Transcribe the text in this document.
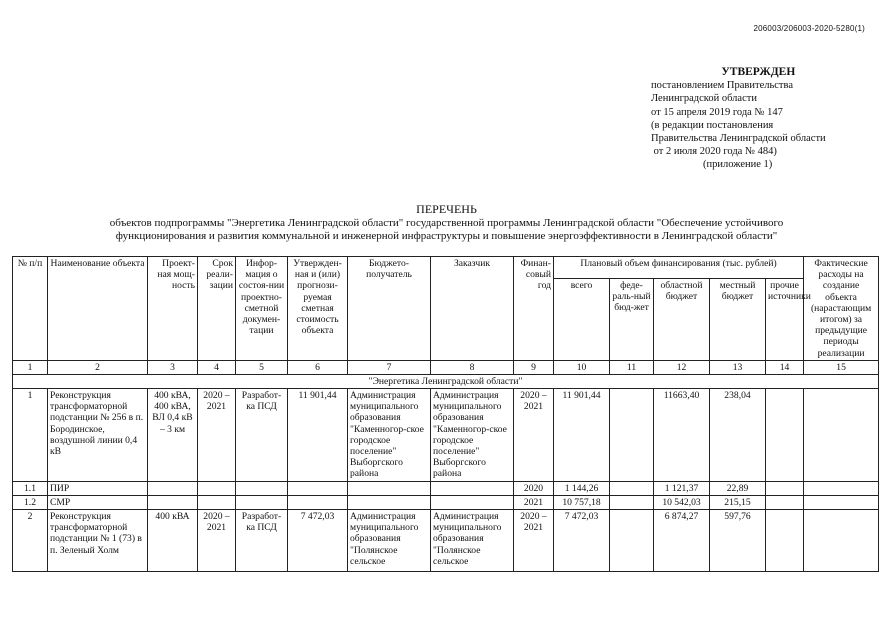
206003/206003-2020-5280(1)
УТВЕРЖДЕН
постановлением Правительства
Ленинградской области
от 15 апреля 2019 года № 147
(в редакции постановления
Правительства Ленинградской области
от 2 июля 2020 года № 484)
(приложение 1)
ПЕРЕЧЕНЬ
объектов подпрограммы "Энергетика Ленинградской области" государственной программы Ленинградской области "Обеспечение устойчивого
функционирования и развития коммунальной и инженерной инфраструктуры и повышение энергоэффективности в Ленинградской области"
№ п/п	Наименование объекта	Проект-ная мощ-ность	Срок реали-зации	Инфор-мация о состоя-нии проектно-сметной докумен-тации	Утвержден-ная и (или) прогнози-руемая сметная стоимость объекта	Бюджето-получатель	Заказчик	Финан-совый год	Плановый объем финансирования (тыс. рублей)					Фактические расходы на создание объекта (нарастающим итогом) за предыдущие периоды реализации
									всего	феде-раль-ный бюд-жет	областной бюджет	местный бюджет	прочие источники	
1	2	3	4	5	6	7	8	9	10	11	12	13	14	15
"Энергетика Ленинградской области"														
1	Реконструкция трансформаторной подстанции № 256 в п. Бородинское, воздушной линии 0,4 кВ	400 кВА, 400 кВА, ВЛ 0,4 кВ – 3 км	2020 – 2021	Разработ-ка ПСД	11 901,44	Администрация муниципального образования "Каменногор-ское городское поселение" Выборгского района	Администрация муниципального образования "Каменногор-ское городское поселение" Выборгского района	2020 – 2021	11 901,44		11663,40	238,04		
1.1	ПИР							2020	1 144,26		1 121,37	22,89		
1.2	СМР							2021	10 757,18		10 542,03	215,15		
2	Реконструкция трансформаторной подстанции № 1 (73) в п. Зеленый Холм	400 кВА	2020 – 2021	Разработ-ка ПСД	7 472,03	Администрация муниципального образования "Полянское сельское	Администрация муниципального образования "Полянское сельское	2020 – 2021	7 472,03		6 874,27	597,76		
